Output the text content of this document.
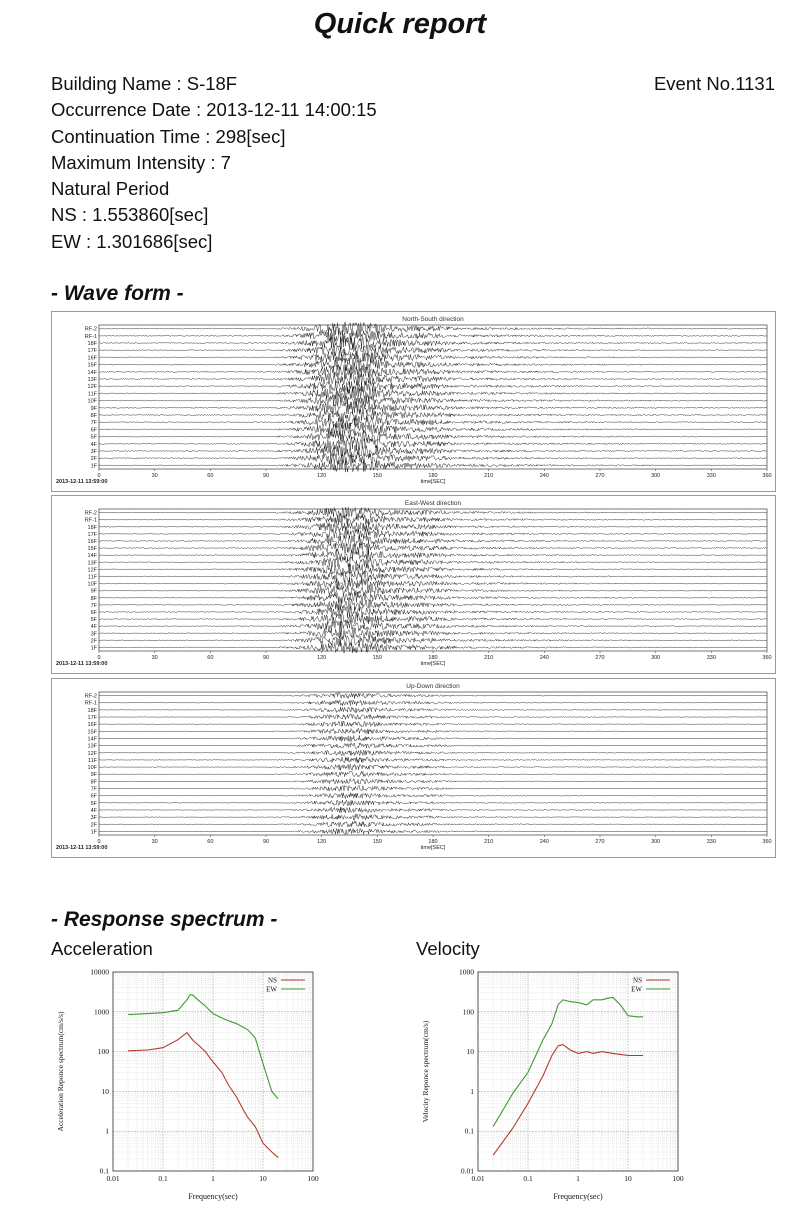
Quick report
Building Name : S-18F	Event No.1131
Occurrence Date : 2013-12-11 14:00:15
Continuation Time : 298[sec]
Maximum Intensity : 7
Natural Period
NS : 1.553860[sec]
EW : 1.301686[sec]
- Wave form -
North-South direction
RF-2
RF-1
18F
17F
16F
15F
14F
13F
12F
11F
10F
9F
8F
7F
6F
5F
4F
3F
2F
1F
0	30	60	90	120	150	180	210	240	270	300	330	360
time[SEC]
2013-12-11 13:59:00
East-West direction
RF-2
RF-1
18F
17F
16F
15F
14F
13F
12F
11F
10F
9F
8F
7F
6F
5F
4F
3F
2F
1F
0	30	60	90	120	150	180	210	240	270	300	330	360
time[SEC]
2013-12-11 13:59:00
Up-Down direction
RF-2
RF-1
18F
17F
16F
15F
14F
13F
12F
11F
10F
9F
8F
7F
6F
5F
4F
3F
2F
1F
0	30	60	90	120	150	180	210	240	270	300	330	360
time[SEC]
2013-12-11 13:59:00
- Response spectrum -
Acceleration	Velocity
0.01	0.1	1	10	100
0.1
1
10
100
1000
10000
NS
EW
Frequency(sec)
Acceleration Reponce spectrum(cm/s/s)
0.01	0.1	1	10	100
0.01
0.1
1
10
100
1000
NS
EW
Frequency(sec)
Velocity Reponce spectrum(cm/s)
